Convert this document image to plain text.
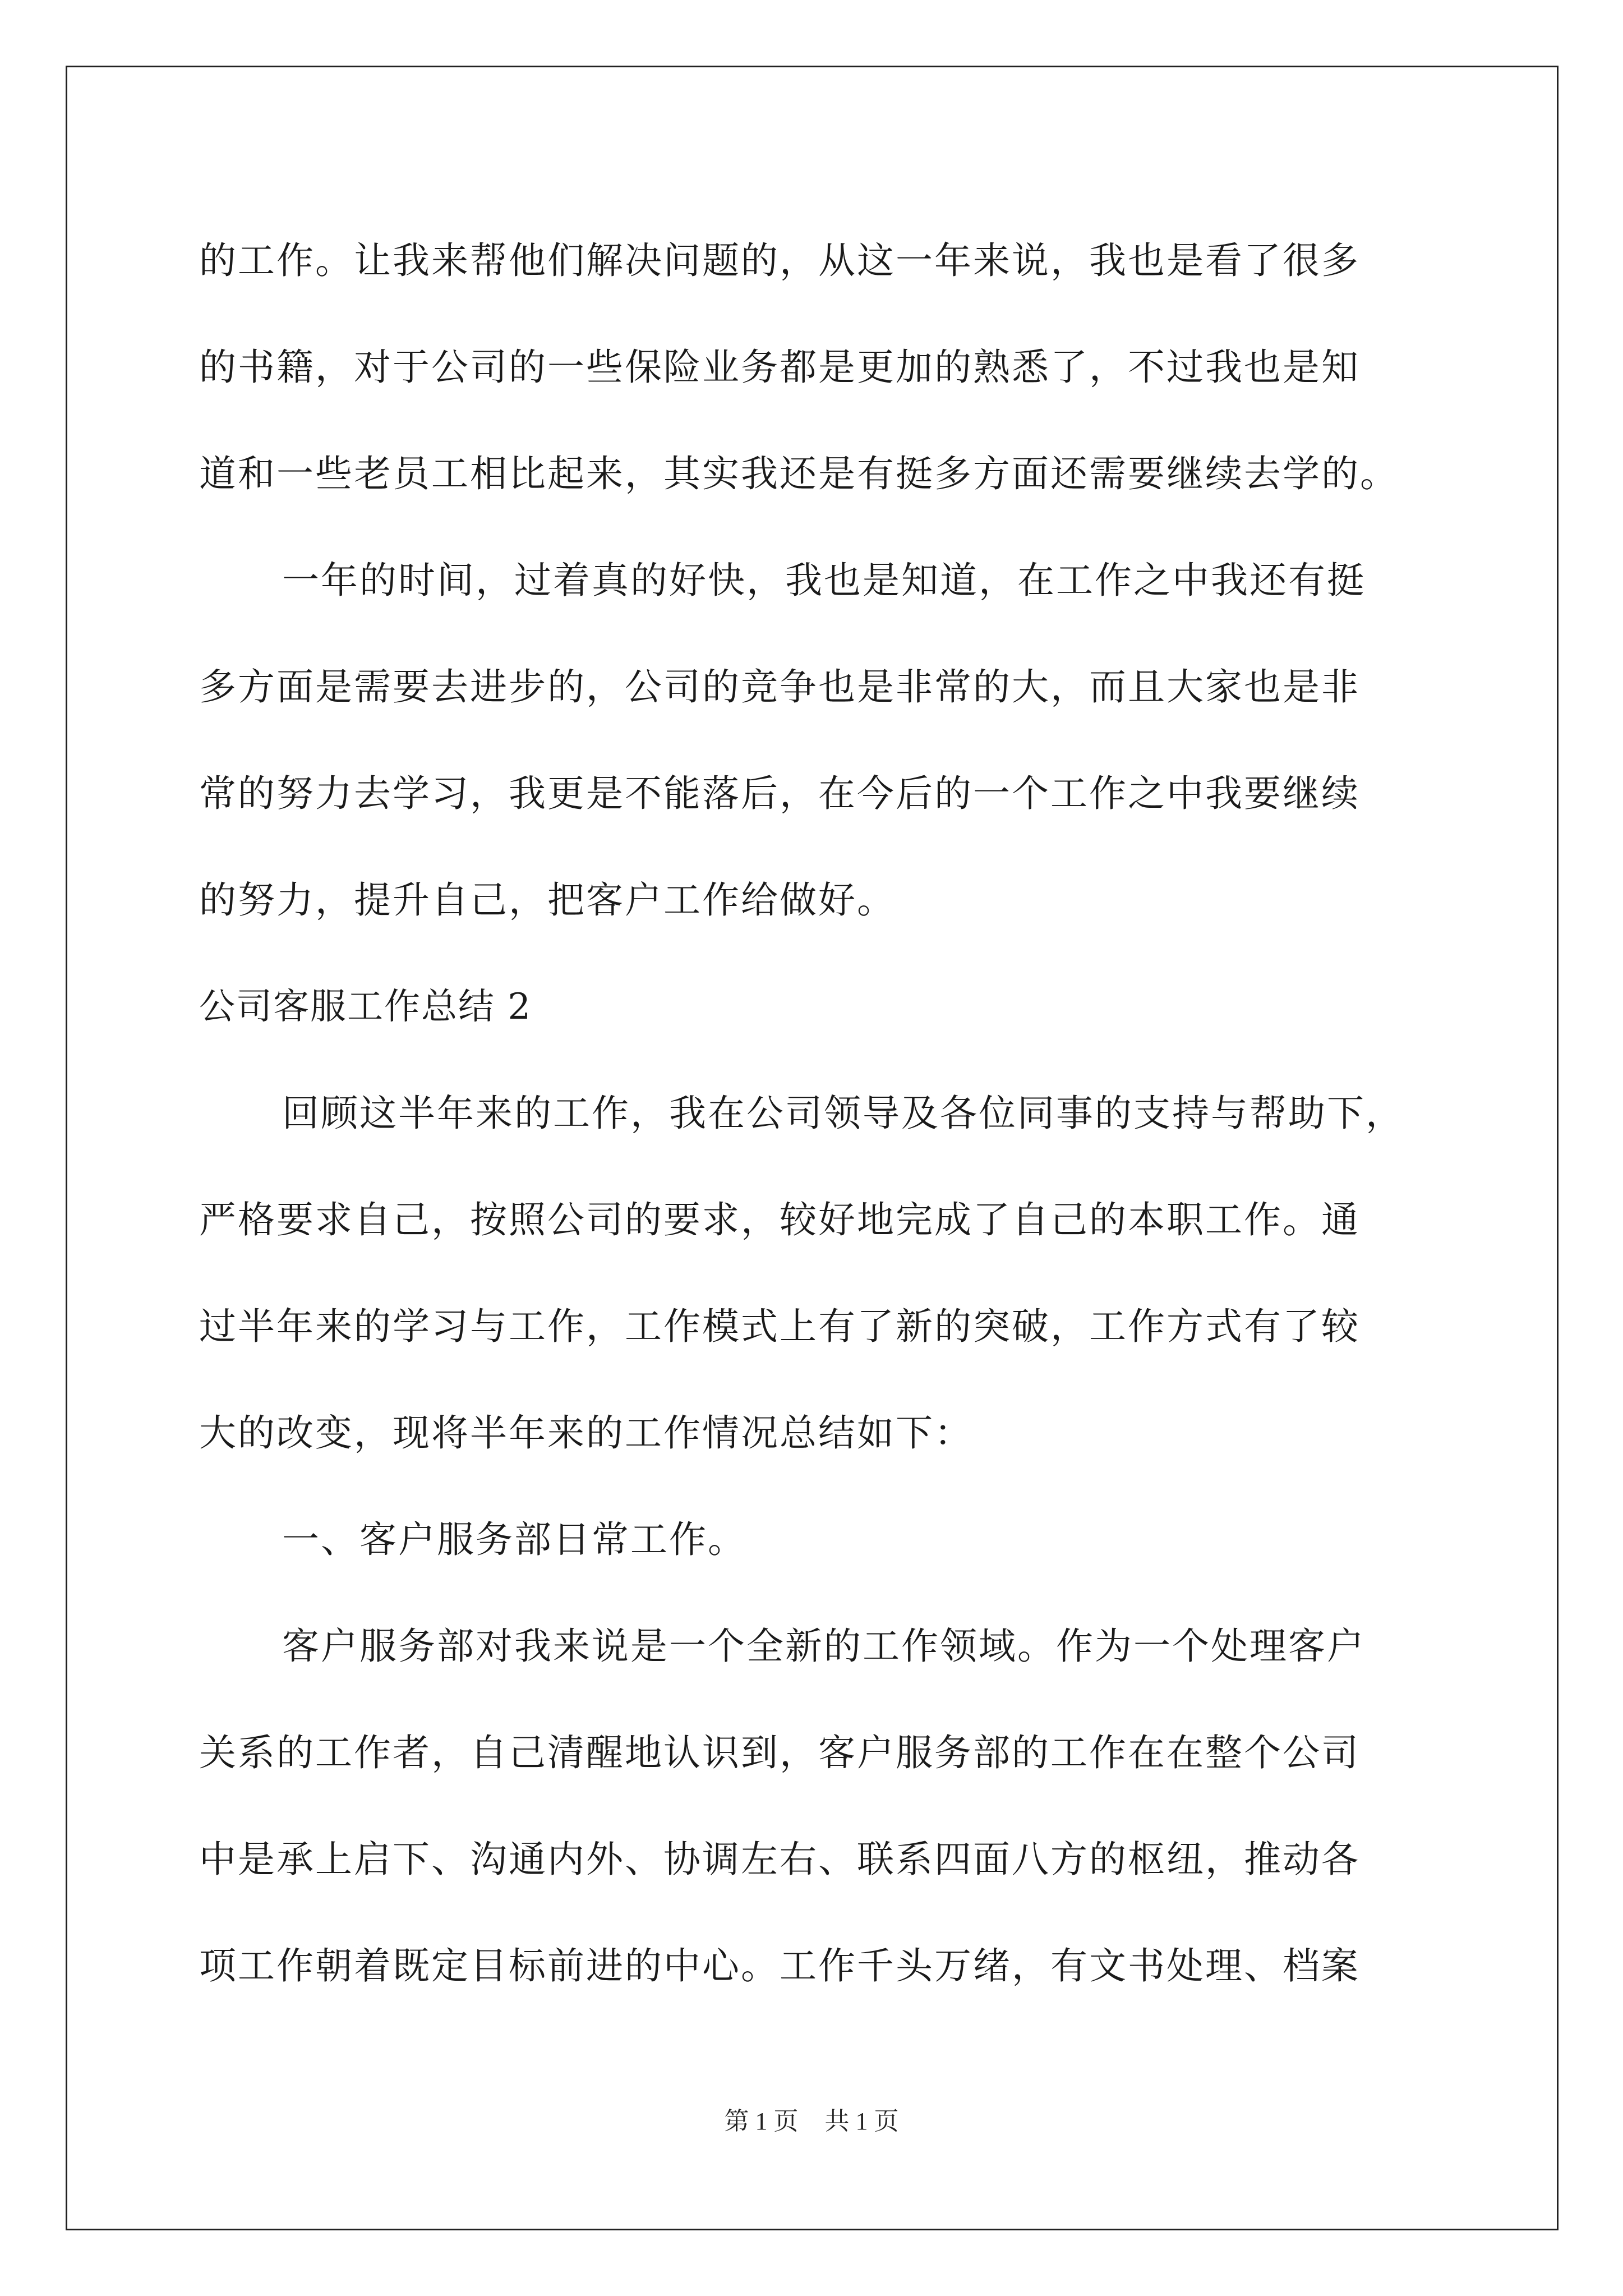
的工作。让我来帮他们解决问题的，从这一年来说，我也是看了很多
的书籍，对于公司的一些保险业务都是更加的熟悉了，不过我也是知
道和一些老员工相比起来，其实我还是有挺多方面还需要继续去学的。
一年的时间，过着真的好快，我也是知道，在工作之中我还有挺
多方面是需要去进步的，公司的竞争也是非常的大，而且大家也是非
常的努力去学习，我更是不能落后，在今后的一个工作之中我要继续
的努力，提升自己，把客户工作给做好。
公司客服工作总结 2
回顾这半年来的工作，我在公司领导及各位同事的支持与帮助下，
严格要求自己，按照公司的要求，较好地完成了自己的本职工作。通
过半年来的学习与工作，工作模式上有了新的突破，工作方式有了较
大的改变，现将半年来的工作情况总结如下：
一、客户服务部日常工作。
客户服务部对我来说是一个全新的工作领域。作为一个处理客户
关系的工作者，自己清醒地认识到，客户服务部的工作在在整个公司
中是承上启下、沟通内外、协调左右、联系四面八方的枢纽，推动各
项工作朝着既定目标前进的中心。工作千头万绪，有文书处理、档案
第 1 页 共 1 页
